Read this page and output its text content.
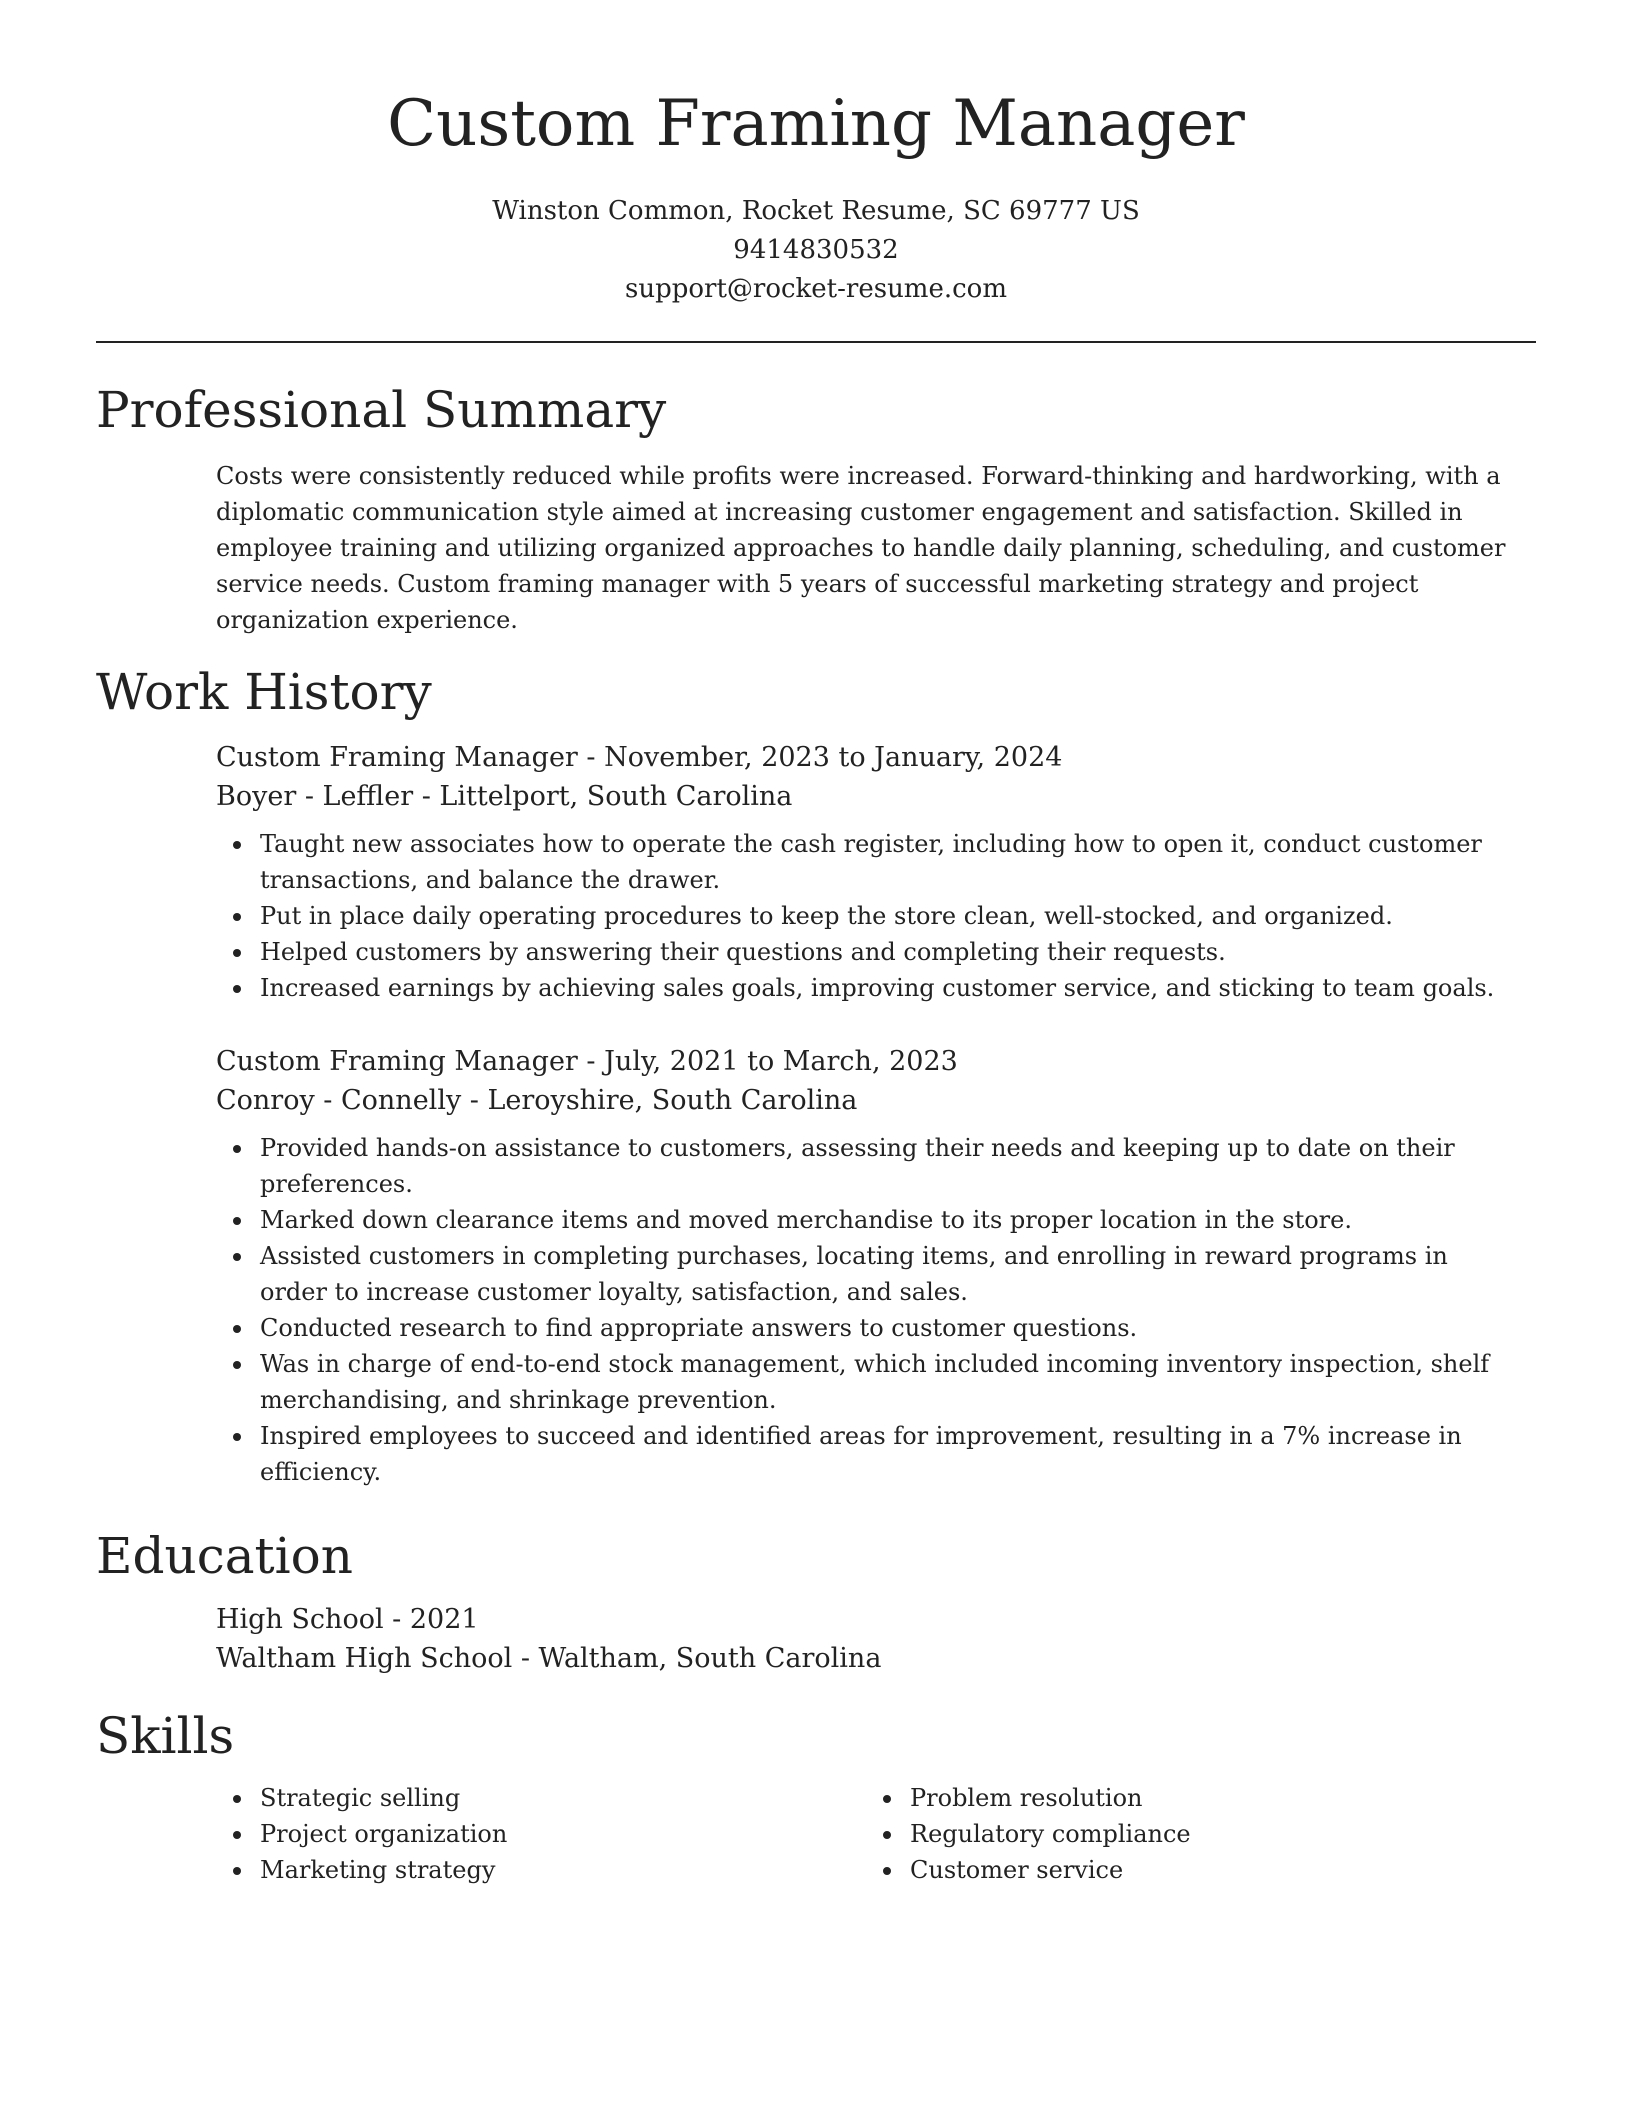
Custom Framing Manager
Winston Common, Rocket Resume, SC 69777 US
9414830532
support@rocket-resume.com
Professional Summary

Costs were consistently reduced while profits were increased. Forward-thinking and hardworking, with a diplomatic communication style aimed at increasing customer engagement and satisfaction. Skilled in employee training and utilizing organized approaches to handle daily planning, scheduling, and customer service needs. Custom framing manager with 5 years of successful marketing strategy and project organization experience.

Work History
Custom Framing Manager - November, 2023 to January, 2024
Boyer - Leffler - Littelport, South Carolina
Taught new associates how to operate the cash register, including how to open it, conduct customer transactions, and balance the drawer.
Put in place daily operating procedures to keep the store clean, well-stocked, and organized.
Helped customers by answering their questions and completing their requests.
Increased earnings by achieving sales goals, improving customer service, and sticking to team goals.
Custom Framing Manager - July, 2021 to March, 2023
Conroy - Connelly - Leroyshire, South Carolina
Provided hands-on assistance to customers, assessing their needs and keeping up to date on their preferences.
Marked down clearance items and moved merchandise to its proper location in the store.
Assisted customers in completing purchases, locating items, and enrolling in reward programs in order to increase customer loyalty, satisfaction, and sales.
Conducted research to find appropriate answers to customer questions.
Was in charge of end-to-end stock management, which included incoming inventory inspection, shelf merchandising, and shrinkage prevention.
Inspired employees to succeed and identified areas for improvement, resulting in a 7% increase in efficiency.
Education
High School - 2021
Waltham High School - Waltham, South Carolina
Skills
Strategic selling
Project organization
Marketing strategy
Problem resolution
Regulatory compliance
Customer service
